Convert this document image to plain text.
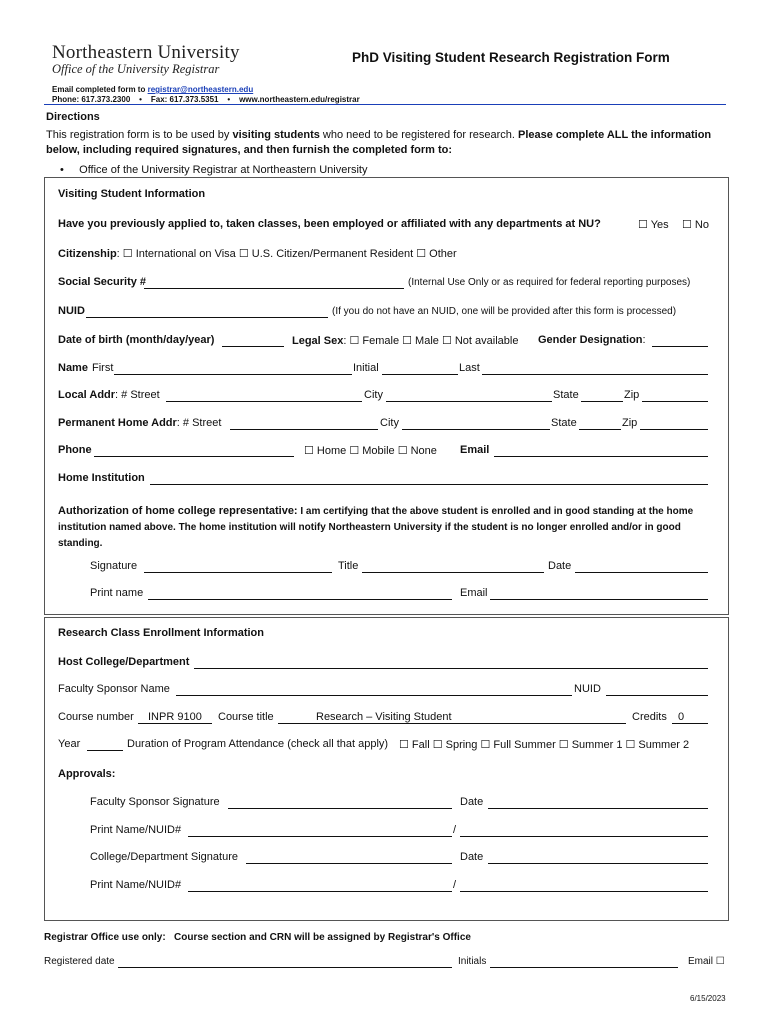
Northeastern University
Office of the University Registrar
PhD Visiting Student Research Registration Form
Email completed form to registrar@northeastern.edu
Phone: 617.373.2300 • Fax: 617.373.5351 • www.northeastern.edu/registrar
Directions
This registration form is to be used by visiting students who need to be registered for research. Please complete ALL the information below, including required signatures, and then furnish the completed form to:
•     Office of the University Registrar at Northeastern University
Visiting Student Information
Have you previously applied to, taken classes, been employed or affiliated with any departments at NU?	☐ Yes ☐ No
Citizenship: ☐ International on Visa ☐ U.S. Citizen/Permanent Resident ☐ Other
Social Security #	(Internal Use Only or as required for federal reporting purposes)
NUID	(If you do not have an NUID, one will be provided after this form is processed)
Date of birth (month/day/year)	Legal Sex: ☐ Female ☐ Male ☐ Not available Gender Designation:
Name First	Initial	Last
Local Addr: # Street	City	State	Zip
Permanent Home Addr: # Street	City	State	Zip
Phone	☐ Home ☐ Mobile ☐ None Email
Home Institution
Authorization of home college representative: I am certifying that the above student is enrolled and in good standing at the home institution named above. The home institution will notify Northeastern University if the student is no longer enrolled and/or in good standing.
Signature	Title	Date
Print name	Email
Research Class Enrollment Information
Host College/Department
Faculty Sponsor Name	NUID
Course number INPR 9100 Course title	Research – Visiting Student	Credits 0
Year	Duration of Program Attendance (check all that apply) ☐ Fall ☐ Spring ☐ Full Summer ☐ Summer 1 ☐ Summer 2
Approvals:
Faculty Sponsor Signature	Date
Print Name/NUID#	/
College/Department Signature	Date
Print Name/NUID#	/
Registrar Office use only: Course section and CRN will be assigned by Registrar's Office
Registered date	Initials	Email ☐
6/15/2023
